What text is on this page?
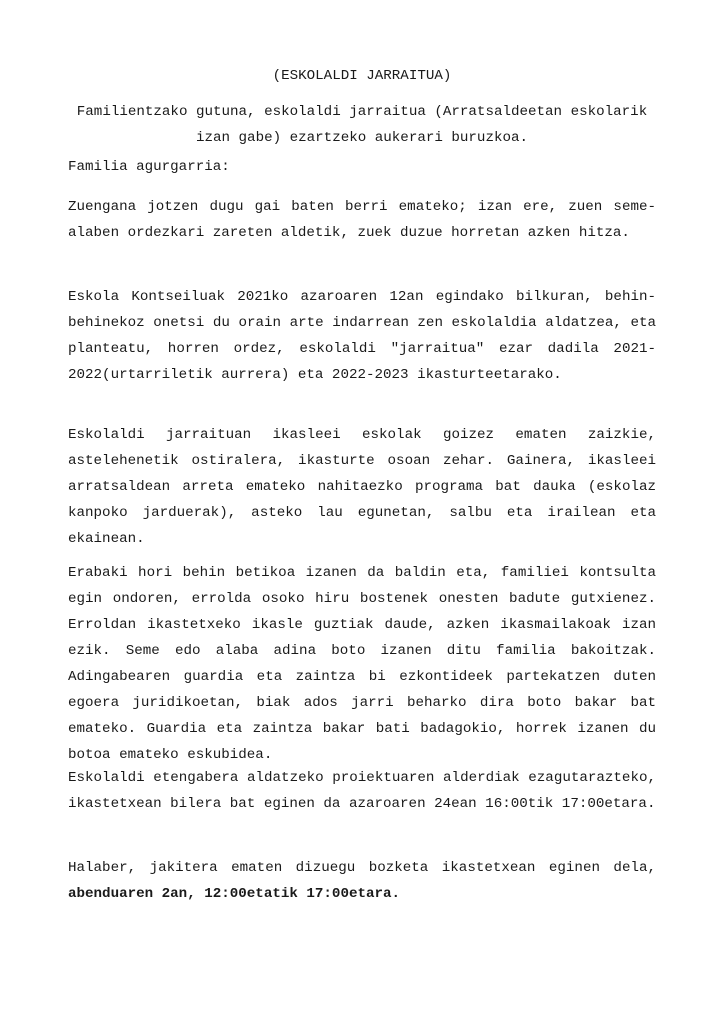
(ESKOLALDI JARRAITUA)

Familientzako gutuna, eskolaldi jarraitua (Arratsaldeetan eskolarik izan gabe) ezartzeko aukerari buruzkoa.

Familia agurgarria:

Zuengana jotzen dugu gai baten berri emateko; izan ere, zuen seme-alaben ordezkari zareten aldetik, zuek duzue horretan azken hitza.

Eskola Kontseiluak 2021ko azaroaren 12an egindako bilkuran, behin-behinekoz onetsi du orain arte indarrean zen eskolaldia aldatzea, eta planteatu, horren ordez, eskolaldi "jarraitua" ezar dadila 2021-2022(urtarriletik aurrera) eta 2022-2023 ikasturteetarako.

Eskolaldi jarraituan ikasleei eskolak goizez ematen zaizkie, astelehenetik ostiralera, ikasturte osoan zehar. Gainera, ikasleei arratsaldean arreta emateko nahitaezko programa bat dauka (eskolaz kanpoko jarduerak), asteko lau egunetan, salbu eta irailean eta ekainean.

Erabaki hori behin betikoa izanen da baldin eta, familiei kontsulta egin ondoren, errolda osoko hiru bostenek onesten badute gutxienez. Erroldan ikastetxeko ikasle guztiak daude, azken ikasmailakoak izan ezik. Seme edo alaba adina boto izanen ditu familia bakoitzak. Adingabearen guardia eta zaintza bi ezkontideek partekatzen duten egoera juridikoetan, biak ados jarri beharko dira boto bakar bat emateko. Guardia eta zaintza bakar bati badagokio, horrek izanen du botoa emateko eskubidea.

Eskolaldi etengabera aldatzeko proiektuaren alderdiak ezagutarazteko, ikastetxean bilera bat eginen da azaroaren 24ean 16:00tik 17:00etara.

Halaber, jakitera ematen dizuegu bozketa ikastetxean eginen dela, abenduaren 2an, 12:00etatik 17:00etara.
